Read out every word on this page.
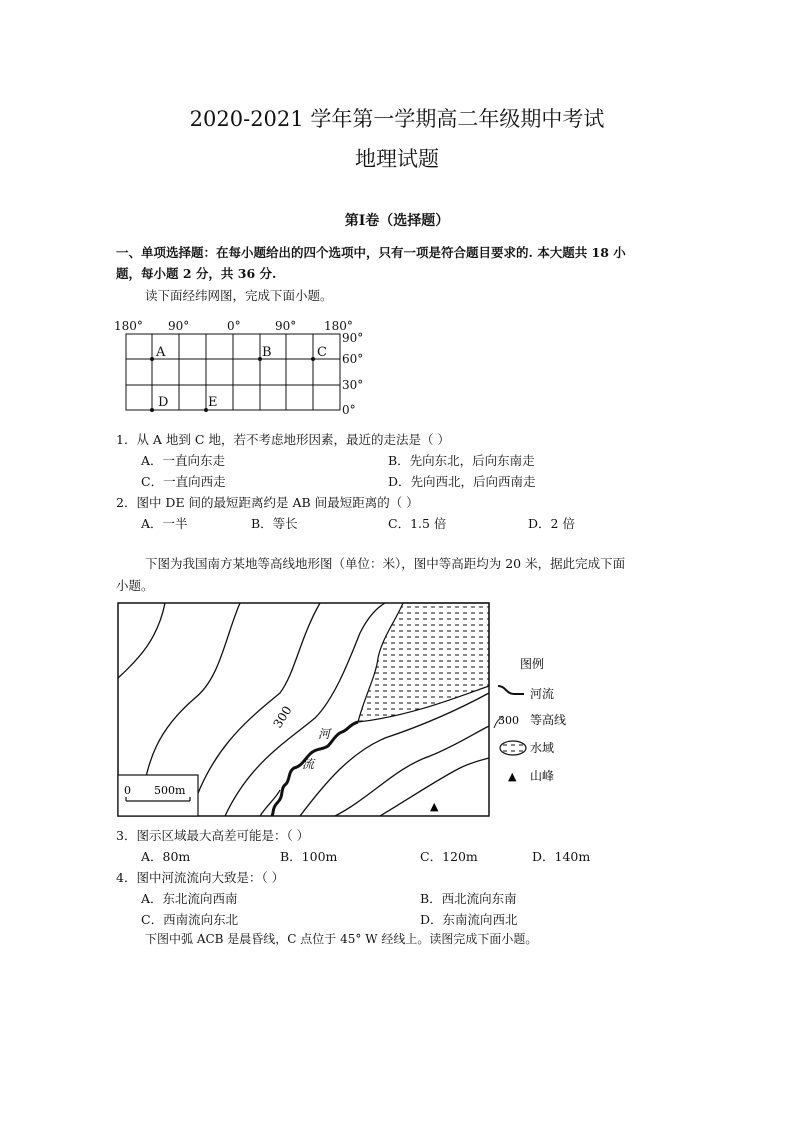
2020-2021 学年第一学期高二年级期中考试
地理试题
第Ⅰ卷（选择题）
一、单项选择题：在每小题给出的四个选项中，只有一项是符合题目要求的. 本大题共 18 小
题，每小题 2 分，共 36 分.
读下面经纬网图，完成下面小题。
180° 90°	0°	90° 180°
90°
60°
30°
0°
A	B	C
D	E
1．从 A 地到 C 地，若不考虑地形因素，最近的走法是（ ）
A．一直向东走	B．先向东北，后向东南走
C．一直向西走	D．先向西北，后向西南走
2．图中 DE 间的最短距离约是 AB 间最短距离的（ ）
A．一半	B．等长	C．1.5 倍	D．2 倍
下图为我国南方某地等高线地形图（单位：米），图中等高距均为 20 米，据此完成下面
小题。
300
河
流
▲
0 500m
图例
河流
300 等高线
水域
▲ 山峰
3．图示区域最大高差可能是：（ ）
A．80m	B．100m	C．120m	D．140m
4．图中河流流向大致是：（ ）
A．东北流向西南	B．西北流向东南
C．西南流向东北	D．东南流向西北
下图中弧 ACB 是晨昏线，C 点位于 45° W 经线上。读图完成下面小题。
